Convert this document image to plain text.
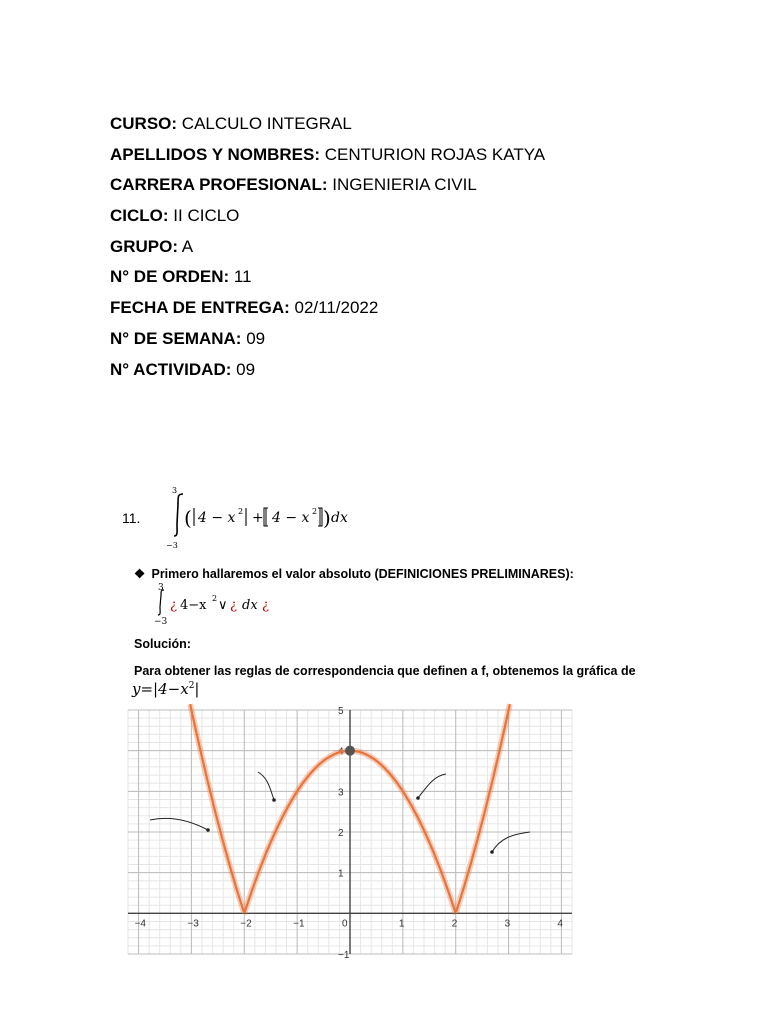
CURSO: CALCULO INTEGRAL
APELLIDOS Y NOMBRES: CENTURION ROJAS KATYA
CARRERA PROFESIONAL: INGENIERIA CIVIL
CICLO: II CICLO
GRUPO: A
N° DE ORDEN: 11
FECHA DE ENTREGA: 02/11/2022
N° DE SEMANA: 09
N° ACTIVIDAD: 09
11.
3
−3
( 4 − x 2 + 4 − x 2 ) dx
❖ Primero hallaremos el valor absoluto (DEFINICIONES PRELIMINARES):
3
−3
¿ 4−x 2 ∨ ¿ dx ¿
Solución:
Para obtener las reglas de correspondencia que definen a f, obtenemos la gráfica de
$y=|4-x^2|$
−4	−3	−2	−1	0	1	2	3	4
−1
1
2
3
4
5
